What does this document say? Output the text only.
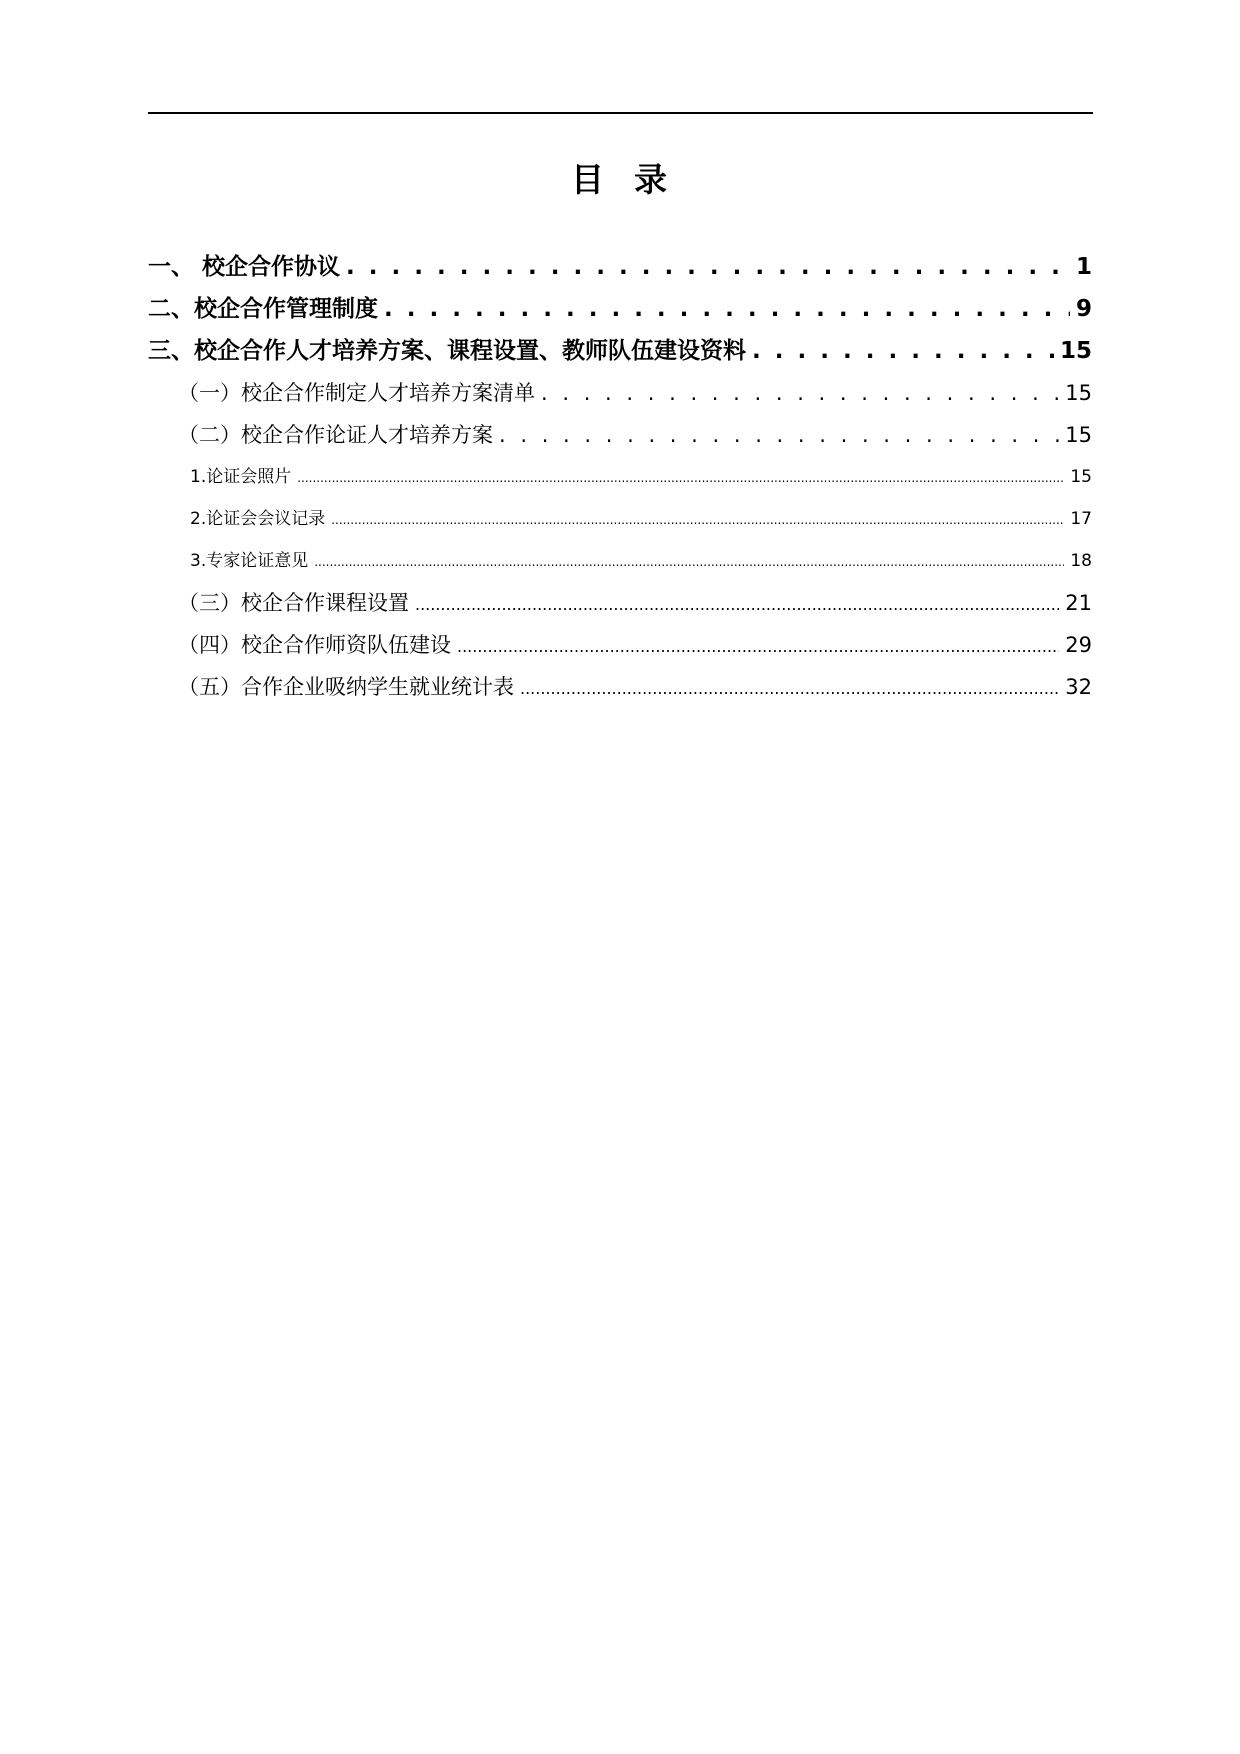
目 录
一、 校企合作协议 . . .	1
二、校企合作管理制度 . . .	9
三、校企合作人才培养方案、课程设置、教师队伍建设资料 . . .	15
（一）校企合作制定人才培养方案清单 . . .	15
（二）校企合作论证人才培养方案 . . .	15
1.论证会照片 .....	15
2.论证会会议记录 .....	17
3.专家论证意见 .....	18
（三）校企合作课程设置 .....	21
（四）校企合作师资队伍建设 .....	29
（五）合作企业吸纳学生就业统计表 .....	32
